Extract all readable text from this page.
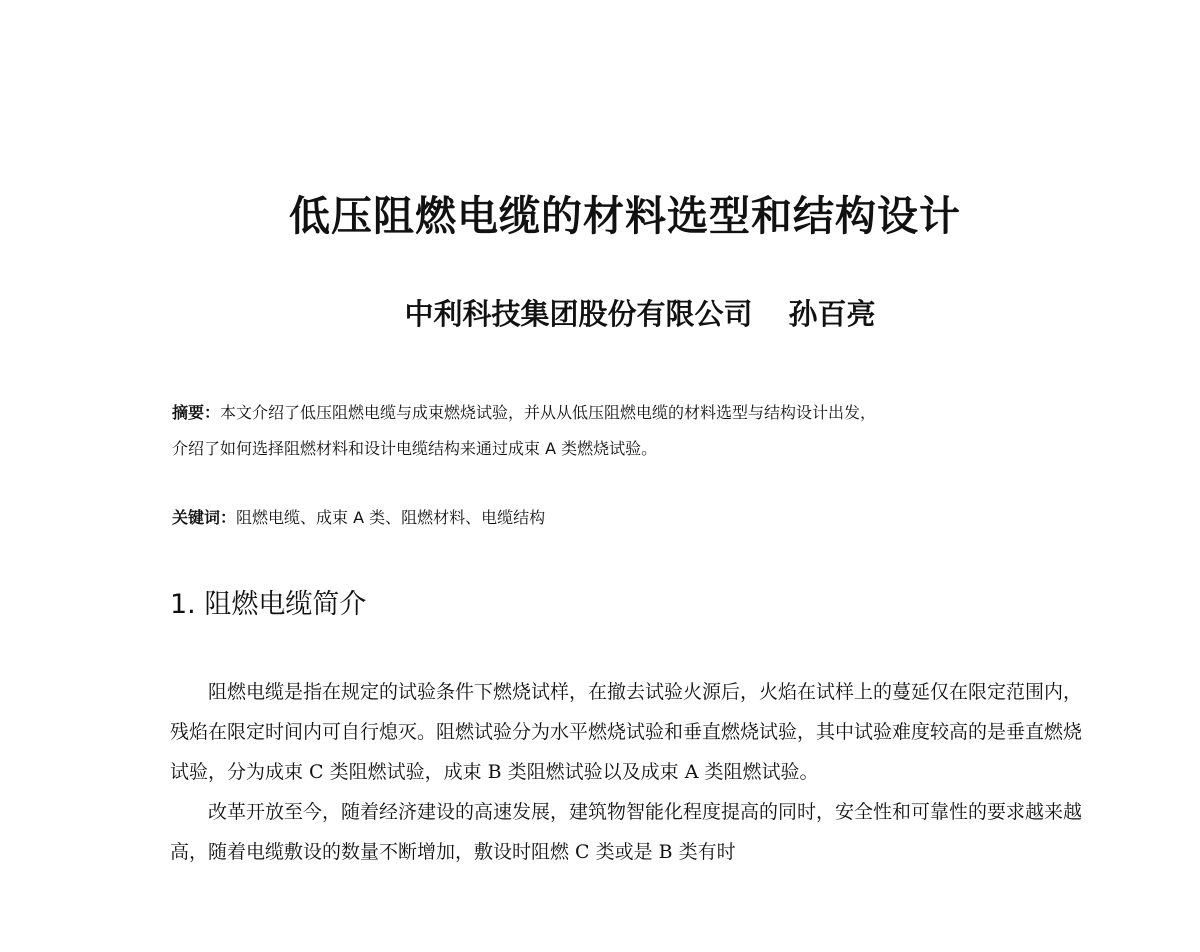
低压阻燃电缆的材料选型和结构设计
中利科技集团股份有限公司 孙百亮
摘要：本文介绍了低压阻燃电缆与成束燃烧试验，并从从低压阻燃电缆的材料选型与结构设计出发，
介绍了如何选择阻燃材料和设计电缆结构来通过成束 A 类燃烧试验。
关键词：阻燃电缆、成束 A 类、阻燃材料、电缆结构
1. 阻燃电缆简介

阻燃电缆是指在规定的试验条件下燃烧试样，在撤去试验火源后，火焰在试样上的蔓延仅在限定范围内，残焰在限定时间内可自行熄灭。阻燃试验分为水平燃烧试验和垂直燃烧试验，其中试验难度较高的是垂直燃烧试验，分为成束 C 类阻燃试验，成束 B 类阻燃试验以及成束 A 类阻燃试验。

改革开放至今，随着经济建设的高速发展，建筑物智能化程度提高的同时，安全性和可靠性的要求越来越高，随着电缆敷设的数量不断增加，敷设时阻燃 C 类或是 B 类有时
